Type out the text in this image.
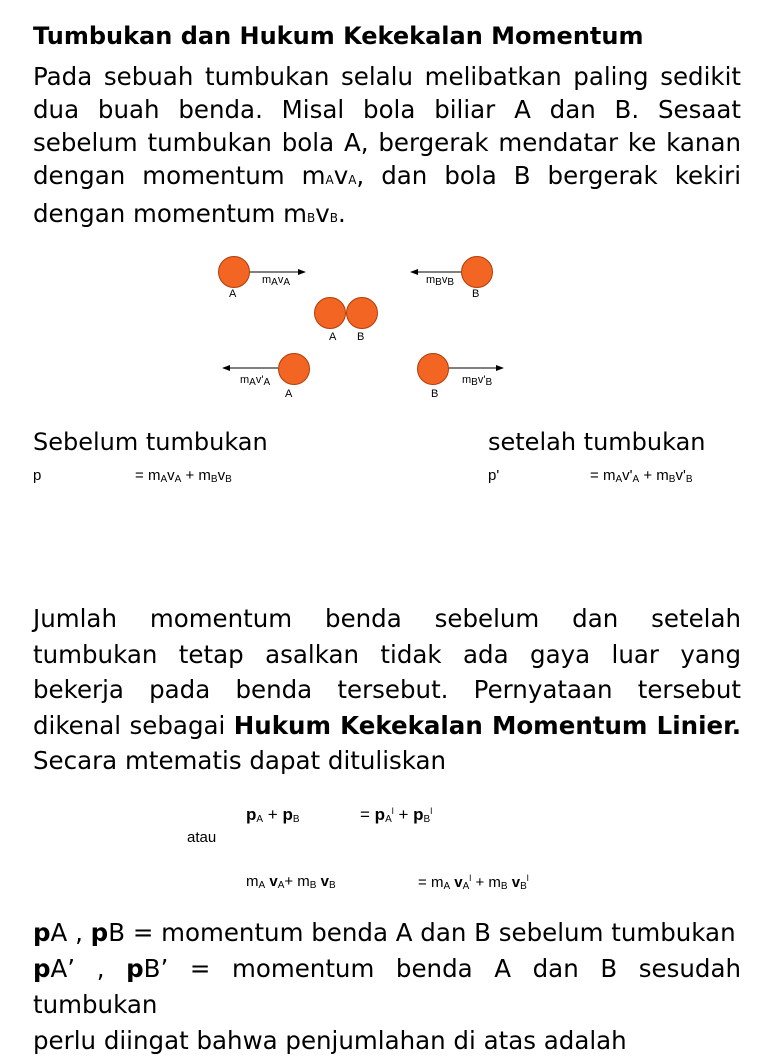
Tumbukan dan Hukum Kekekalan Momentum
Pada sebuah tumbukan selalu melibatkan paling sedikit dua buah benda. Misal bola biliar A dan B. Sesaat sebelum tumbukan bola A, bergerak mendatar ke kanan dengan momentum mAvA, dan bola B bergerak kekiri dengan momentum mBvB.
A	B
A B
A	B
$m_Av_A$	$m_Bv_B$
$m_Av'_A$	$m_Bv'_B$
Sebelum tumbukan	setelah tumbukan
p	= $m_Av_A + m_Bv_B$	p'	= $m_Av'_A + m_Bv'_B$
Jumlah momentum benda sebelum dan setelah tumbukan tetap asalkan tidak ada gaya luar yang bekerja pada benda tersebut. Pernyataan tersebut dikenal sebagai Hukum Kekekalan Momentum Linier. Secara mtematis dapat dituliskan
$p_A + p_B$	= $p_A^l + p_B^l$
atau
$m_A$ $v_A+ m_B$ $v_B$	= $m_A$ $v_A^l + m_B$ $v_B^l$
pA , pB = momentum benda A dan B sebelum tumbukan
pA’ , pB’ = momentum benda A dan B sesudah tumbukan
perlu diingat bahwa penjumlahan di atas adalah
